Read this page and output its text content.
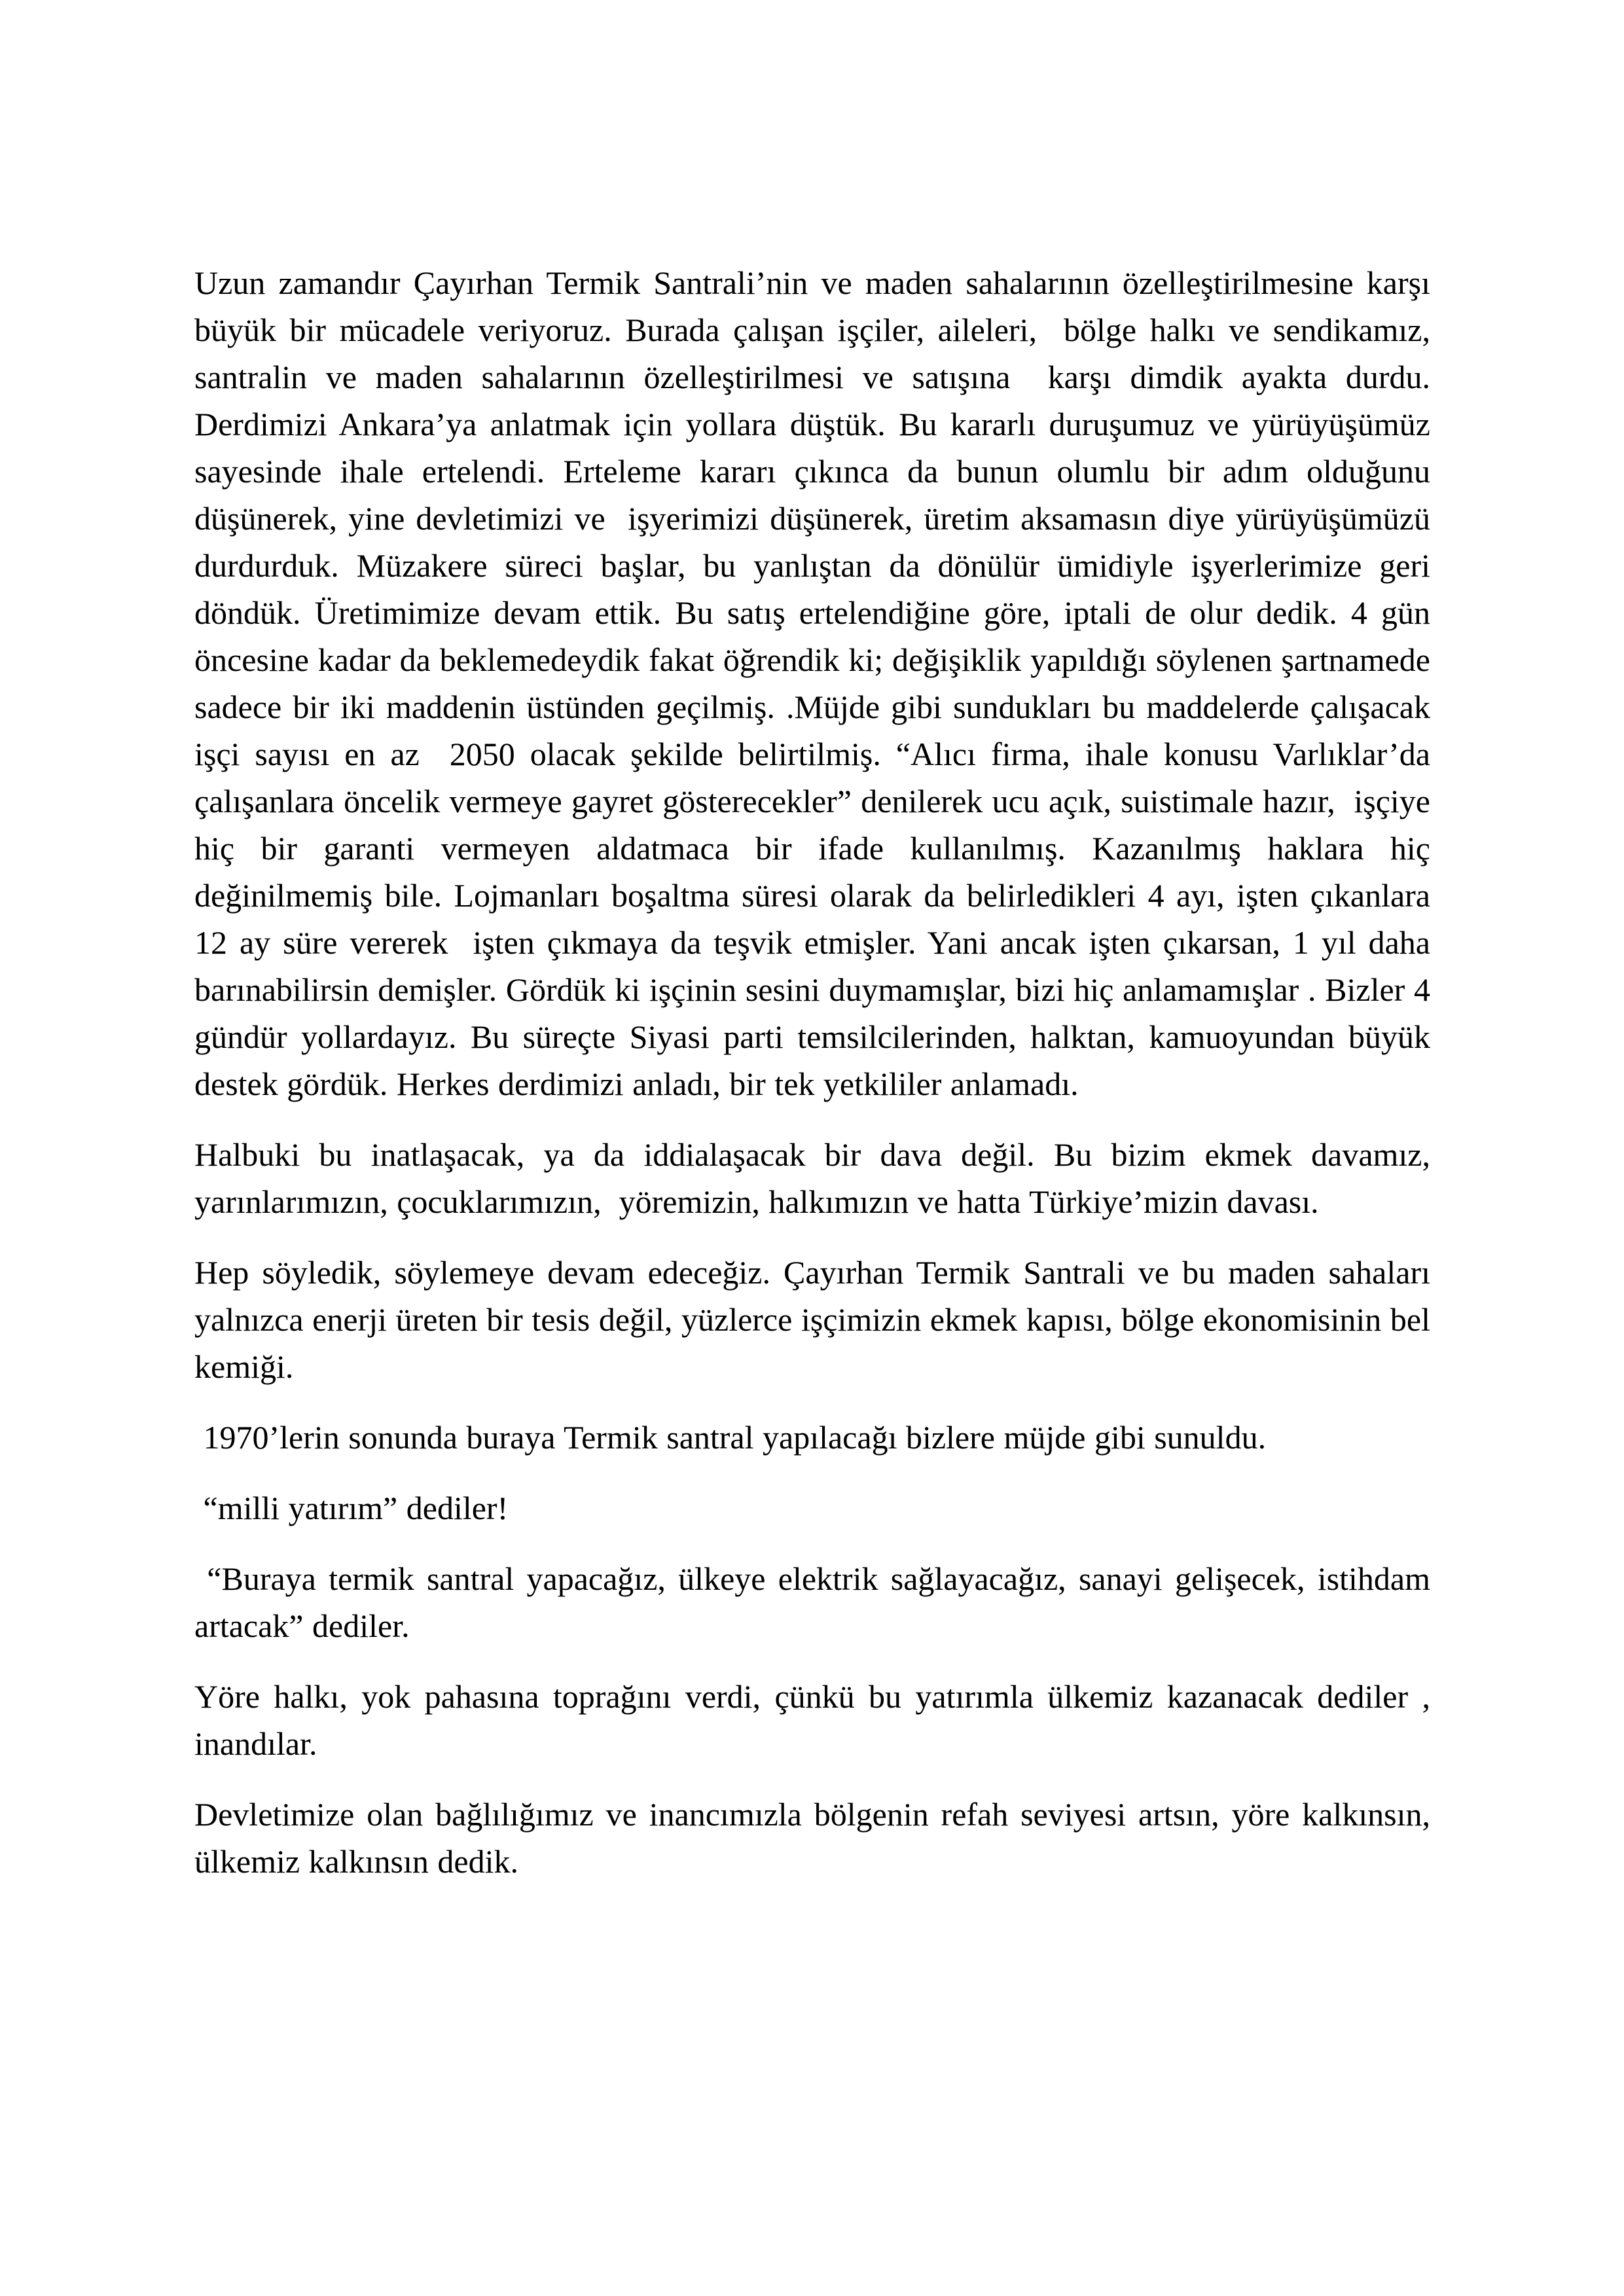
Uzun zamandır Çayırhan Termik Santrali’nin ve maden sahalarının özelleştirilmesine karşı büyük bir mücadele veriyoruz. Burada çalışan işçiler, aileleri,  bölge halkı ve sendikamız, santralin ve maden sahalarının özelleştirilmesi ve satışına  karşı dimdik ayakta durdu. Derdimizi Ankara’ya anlatmak için yollara düştük. Bu kararlı duruşumuz ve yürüyüşümüz sayesinde ihale ertelendi. Erteleme kararı çıkınca da bunun olumlu bir adım olduğunu düşünerek, yine devletimizi ve  işyerimizi düşünerek, üretim aksamasın diye yürüyüşümüzü durdurduk. Müzakere süreci başlar, bu yanlıştan da dönülür ümidiyle işyerlerimize geri döndük. Üretimimize devam ettik. Bu satış ertelendiğine göre, iptali de olur dedik. 4 gün öncesine kadar da beklemedeydik fakat öğrendik ki; değişiklik yapıldığı söylenen şartnamede sadece bir iki maddenin üstünden geçilmiş. .Müjde gibi sundukları bu maddelerde çalışacak işçi sayısı en az  2050 olacak şekilde belirtilmiş. “Alıcı firma, ihale konusu Varlıklar’da çalışanlara öncelik vermeye gayret gösterecekler” denilerek ucu açık, suistimale hazır,  işçiye hiç bir garanti vermeyen aldatmaca bir ifade kullanılmış. Kazanılmış haklara hiç değinilmemiş bile. Lojmanları boşaltma süresi olarak da belirledikleri 4 ayı, işten çıkanlara 12 ay süre vererek  işten çıkmaya da teşvik etmişler. Yani ancak işten çıkarsan, 1 yıl daha barınabilirsin demişler. Gördük ki işçinin sesini duymamışlar, bizi hiç anlamamışlar . Bizler 4 gündür yollardayız. Bu süreçte Siyasi parti temsilcilerinden, halktan, kamuoyundan büyük destek gördük. Herkes derdimizi anladı, bir tek yetkililer anlamadı.

Halbuki bu inatlaşacak, ya da iddialaşacak bir dava değil. Bu bizim ekmek davamız, yarınlarımızın, çocuklarımızın,  yöremizin, halkımızın ve hatta Türkiye’mizin davası.

Hep söyledik, söylemeye devam edeceğiz. Çayırhan Termik Santrali ve bu maden sahaları yalnızca enerji üreten bir tesis değil, yüzlerce işçimizin ekmek kapısı, bölge ekonomisinin bel kemiği.

1970’lerin sonunda buraya Termik santral yapılacağı bizlere müjde gibi sunuldu.

“milli yatırım” dediler!

“Buraya termik santral yapacağız, ülkeye elektrik sağlayacağız, sanayi gelişecek, istihdam artacak” dediler.

Yöre halkı, yok pahasına toprağını verdi, çünkü bu yatırımla ülkemiz kazanacak dediler , inandılar.

Devletimize olan bağlılığımız ve inancımızla bölgenin refah seviyesi artsın, yöre kalkınsın, ülkemiz kalkınsın dedik.
